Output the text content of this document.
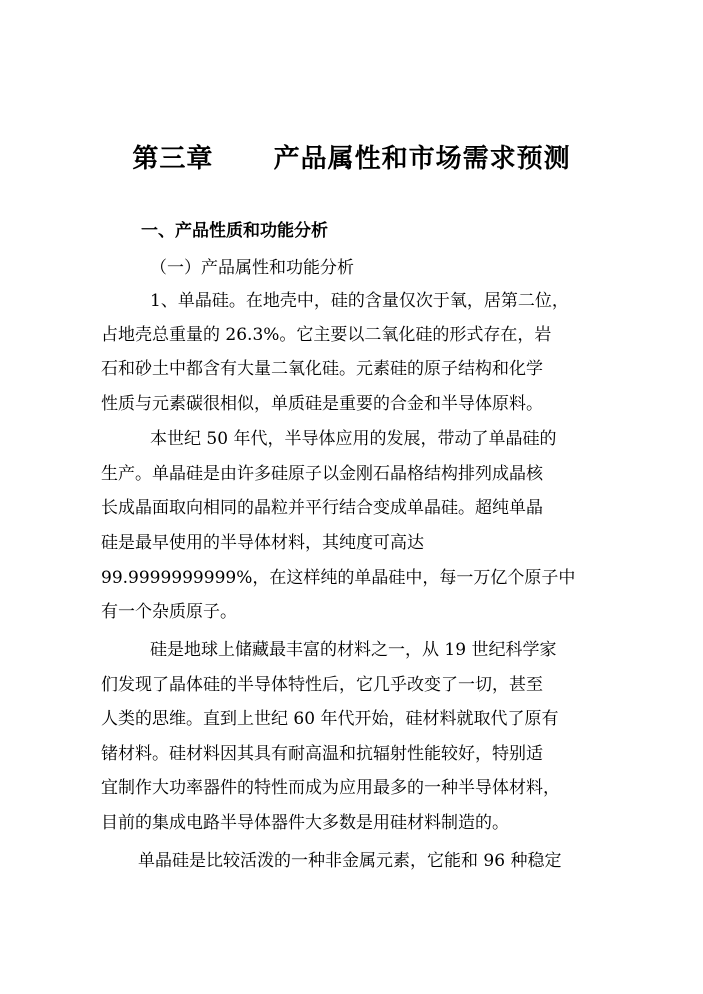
第三章 产品属性和市场需求预测
一、产品性质和功能分析
（一）产品属性和功能分析
1、单晶硅。在地壳中，硅的含量仅次于氧，居第二位，
占地壳总重量的 26.3%。它主要以二氧化硅的形式存在，岩
石和砂土中都含有大量二氧化硅。元素硅的原子结构和化学
性质与元素碳很相似，单质硅是重要的合金和半导体原料。
本世纪 50 年代，半导体应用的发展，带动了单晶硅的
生产。单晶硅是由许多硅原子以金刚石晶格结构排列成晶核
长成晶面取向相同的晶粒并平行结合变成单晶硅。超纯单晶
硅是最早使用的半导体材料，其纯度可高达
99.9999999999%，在这样纯的单晶硅中，每一万亿个原子中
有一个杂质原子。
硅是地球上储藏最丰富的材料之一，从 19 世纪科学家
们发现了晶体硅的半导体特性后，它几乎改变了一切，甚至
人类的思维。直到上世纪 60 年代开始，硅材料就取代了原有
锗材料。硅材料因其具有耐高温和抗辐射性能较好，特别适
宜制作大功率器件的特性而成为应用最多的一种半导体材料，
目前的集成电路半导体器件大多数是用硅材料制造的。
单晶硅是比较活泼的一种非金属元素，它能和 96 种稳定
